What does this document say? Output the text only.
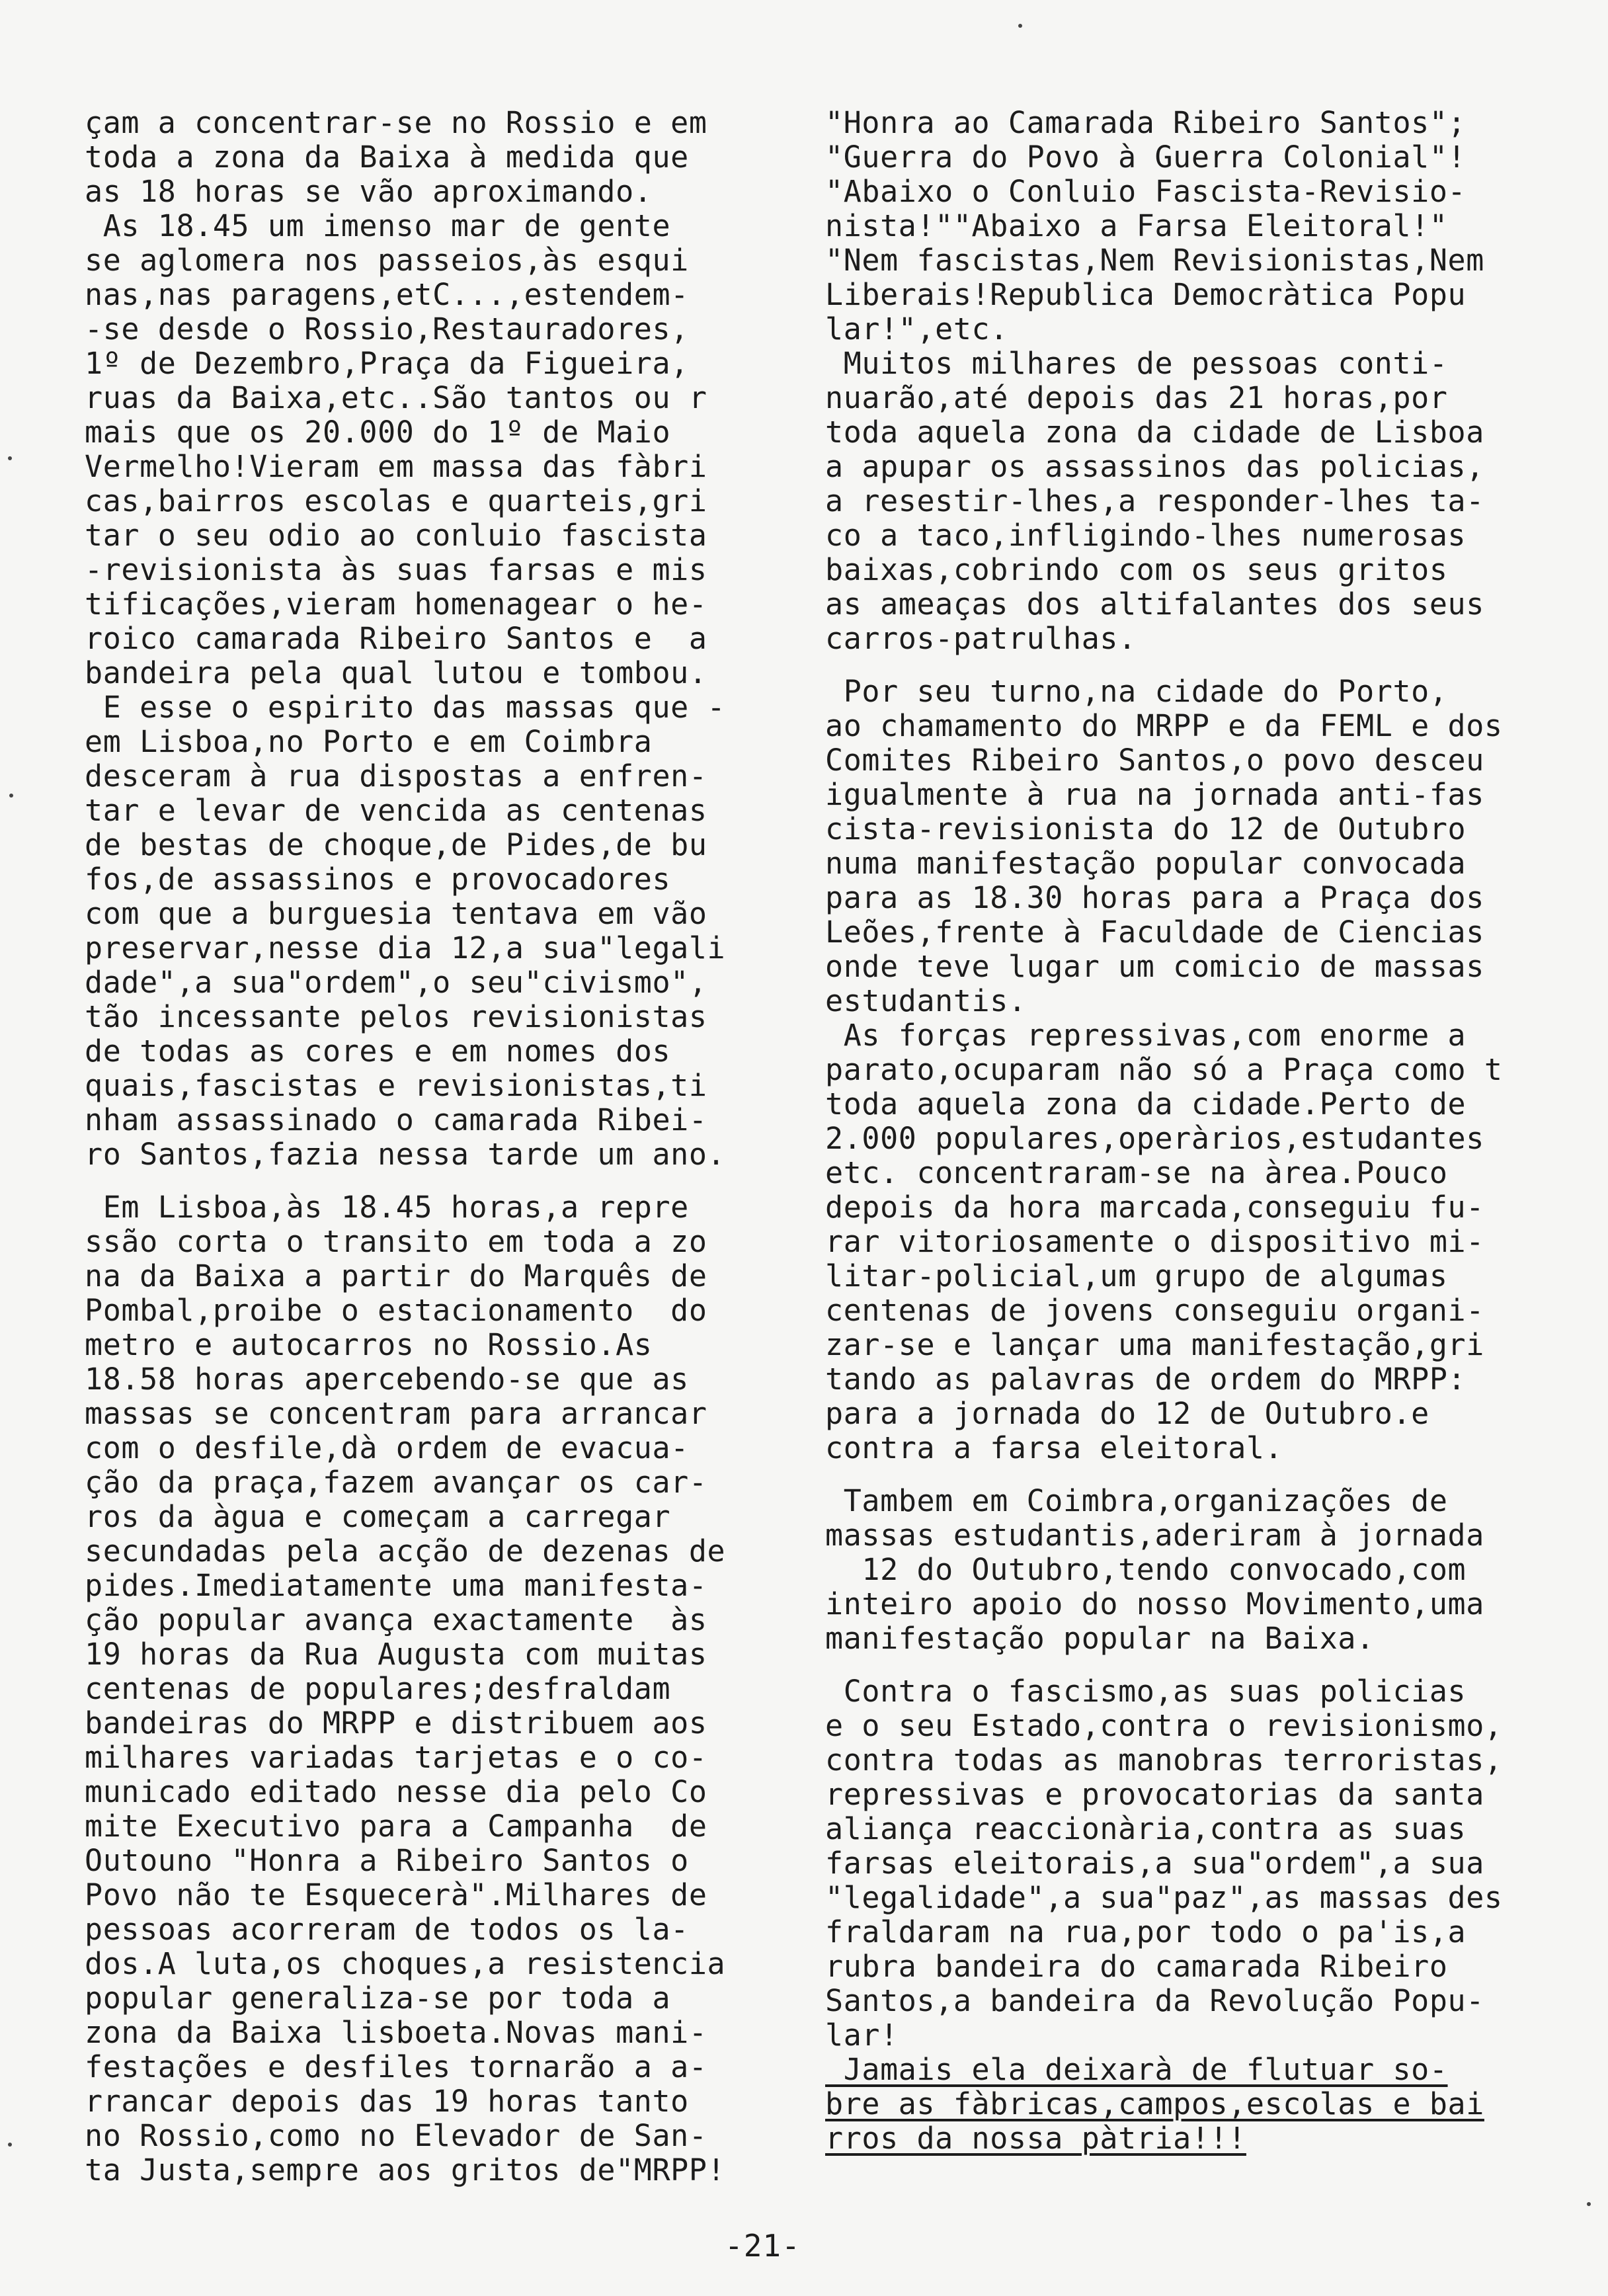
çam a concentrar-se no Rossio e em
toda a zona da Baixa à medida que
as 18 horas se vão aproximando.
As 18.45 um imenso mar de gente
se aglomera nos passeios,às esqui
nas,nas paragens,etC...,estendem-
-se desde o Rossio,Restauradores,
1º de Dezembro,Praça da Figueira,
ruas da Baixa,etc..São tantos ou r
mais que os 20.000 do 1º de Maio
Vermelho!Vieram em massa das fàbri
cas,bairros escolas e quarteis,gri
tar o seu odio ao conluio fascista
-revisionista às suas farsas e mis
tificações,vieram homenagear o he-
roico camarada Ribeiro Santos e  a
bandeira pela qual lutou e tombou.
E esse o espirito das massas que -
em Lisboa,no Porto e em Coimbra
desceram à rua dispostas a enfren-
tar e levar de vencida as centenas
de bestas de choque,de Pides,de bu
fos,de assassinos e provocadores
com que a burguesia tentava em vão
preservar,nesse dia 12,a sua"legali
dade",a sua"ordem",o seu"civismo",
tão incessante pelos revisionistas
de todas as cores e em nomes dos
quais,fascistas e revisionistas,ti
nham assassinado o camarada Ribei-
ro Santos,fazia nessa tarde um ano.
Em Lisboa,às 18.45 horas,a repre
ssão corta o transito em toda a zo
na da Baixa a partir do Marquês de
Pombal,proibe o estacionamento  do
metro e autocarros no Rossio.As
18.58 horas apercebendo-se que as
massas se concentram para arrancar
com o desfile,dà ordem de evacua-
ção da praça,fazem avançar os car-
ros da àgua e começam a carregar
secundadas pela acção de dezenas de
pides.Imediatamente uma manifesta-
ção popular avança exactamente  às
19 horas da Rua Augusta com muitas
centenas de populares;desfraldam
bandeiras do MRPP e distribuem aos
milhares variadas tarjetas e o co-
municado editado nesse dia pelo Co
mite Executivo para a Campanha  de
Outouno "Honra a Ribeiro Santos o
Povo não te Esquecerà".Milhares de
pessoas acorreram de todos os la-
dos.A luta,os choques,a resistencia
popular generaliza-se por toda a
zona da Baixa lisboeta.Novas mani-
festações e desfiles tornarão a a-
rrancar depois das 19 horas tanto
no Rossio,como no Elevador de San-
ta Justa,sempre aos gritos de"MRPP!
"Honra ao Camarada Ribeiro Santos";
"Guerra do Povo à Guerra Colonial"!
"Abaixo o Conluio Fascista-Revisio-
nista!""Abaixo a Farsa Eleitoral!"
"Nem fascistas,Nem Revisionistas,Nem
Liberais!Republica Democràtica Popu
lar!",etc.
Muitos milhares de pessoas conti-
nuarão,até depois das 21 horas,por
toda aquela zona da cidade de Lisboa
a apupar os assassinos das policias,
a resestir-lhes,a responder-lhes ta-
co a taco,infligindo-lhes numerosas
baixas,cobrindo com os seus gritos
as ameaças dos altifalantes dos seus
carros-patrulhas.
Por seu turno,na cidade do Porto,
ao chamamento do MRPP e da FEML e dos
Comites Ribeiro Santos,o povo desceu
igualmente à rua na jornada anti-fas
cista-revisionista do 12 de Outubro
numa manifestação popular convocada
para as 18.30 horas para a Praça dos
Leões,frente à Faculdade de Ciencias
onde teve lugar um comicio de massas
estudantis.
As forças repressivas,com enorme a
parato,ocuparam não só a Praça como t
toda aquela zona da cidade.Perto de
2.000 populares,operàrios,estudantes
etc. concentraram-se na àrea.Pouco
depois da hora marcada,conseguiu fu-
rar vitoriosamente o dispositivo mi-
litar-policial,um grupo de algumas
centenas de jovens conseguiu organi-
zar-se e lançar uma manifestação,gri
tando as palavras de ordem do MRPP:
para a jornada do 12 de Outubro.e
contra a farsa eleitoral.
Tambem em Coimbra,organizações de
massas estudantis,aderiram à jornada
12 do Outubro,tendo convocado,com
inteiro apoio do nosso Movimento,uma
manifestação popular na Baixa.
Contra o fascismo,as suas policias
e o seu Estado,contra o revisionismo,
contra todas as manobras terroristas,
repressivas e provocatorias da santa
aliança reaccionària,contra as suas
farsas eleitorais,a sua"ordem",a sua
"legalidade",a sua"paz",as massas des
fraldaram na rua,por todo o pa'is,a
rubra bandeira do camarada Ribeiro
Santos,a bandeira da Revolução Popu-
lar!
Jamais ela deixarà de flutuar so-
bre as fàbricas,campos,escolas e bai
rros da nossa pàtria!!!
-21-
